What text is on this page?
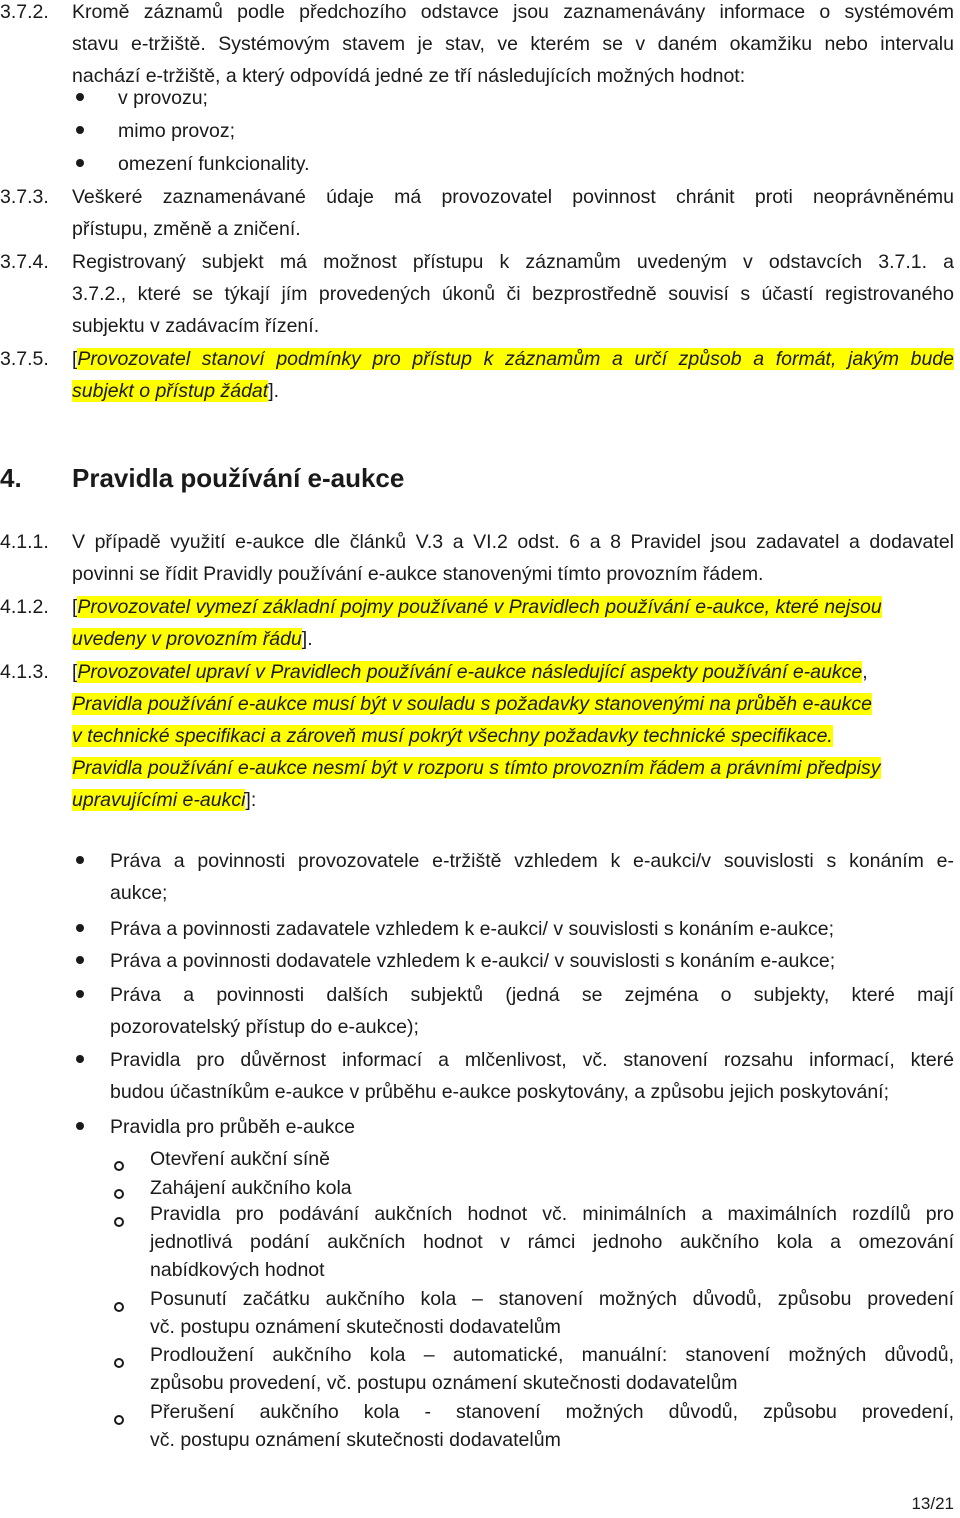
3.7.2.	Kromě záznamů podle předchozího odstavce jsou zaznamenávány informace o systémovém
stavu e-tržiště. Systémovým stavem je stav, ve kterém se v daném okamžiku nebo intervalu
nachází e-tržiště, a který odpovídá jedné ze tří následujících možných hodnot:
v provozu;
mimo provoz;
omezení funkcionality.
3.7.3.	Veškeré zaznamenávané údaje má provozovatel povinnost chránit proti neoprávněnému
přístupu, změně a zničení.
3.7.4.	Registrovaný subjekt má možnost přístupu k záznamům uvedeným v odstavcích 3.7.1. a
3.7.2., které se týkají jím provedených úkonů či bezprostředně souvisí s účastí registrovaného
subjektu v zadávacím řízení.
3.7.5.	[Provozovatel stanoví podmínky pro přístup k záznamům a určí způsob a formát, jakým bude
subjekt o přístup žádat].
4. Pravidla používání e-aukce
4.1.1.	V případě využití e-aukce dle článků V.3 a VI.2 odst. 6 a 8 Pravidel jsou zadavatel a dodavatel
povinni se řídit Pravidly používání e-aukce stanovenými tímto provozním řádem.
4.1.2.	[Provozovatel vymezí základní pojmy používané v Pravidlech používání e-aukce, které nejsou
uvedeny v provozním řádu].
4.1.3.	[Provozovatel upraví v Pravidlech používání e-aukce následující aspekty používání e-aukce,
Pravidla používání e-aukce musí být v souladu s požadavky stanovenými na průběh e-aukce
v technické specifikaci a zároveň musí pokrýt všechny požadavky technické specifikace.
Pravidla používání e-aukce nesmí být v rozporu s tímto provozním řádem a právními předpisy
upravujícími e-aukci]:
Práva a povinnosti provozovatele e-tržiště vzhledem k e-aukci/v souvislosti s konáním e-
aukce;
Práva a povinnosti zadavatele vzhledem k e-aukci/ v souvislosti s konáním e-aukce;
Práva a povinnosti dodavatele vzhledem k e-aukci/ v souvislosti s konáním e-aukce;
Práva a povinnosti dalších subjektů (jedná se zejména o subjekty, které mají
pozorovatelský přístup do e-aukce);
Pravidla pro důvěrnost informací a mlčenlivost, vč. stanovení rozsahu informací, které
budou účastníkům e-aukce v průběhu e-aukce poskytovány, a způsobu jejich poskytování;
Pravidla pro průběh e-aukce
Otevření aukční síně
Zahájení aukčního kola
Pravidla pro podávání aukčních hodnot vč. minimálních a maximálních rozdílů pro
jednotlivá podání aukčních hodnot v rámci jednoho aukčního kola a omezování
nabídkových hodnot
Posunutí začátku aukčního kola – stanovení možných důvodů, způsobu provedení
vč. postupu oznámení skutečnosti dodavatelům
Prodloužení aukčního kola – automatické, manuální: stanovení možných důvodů,
způsobu provedení, vč. postupu oznámení skutečnosti dodavatelům
Přerušení aukčního kola - stanovení možných důvodů, způsobu provedení,
vč. postupu oznámení skutečnosti dodavatelům
13/21
